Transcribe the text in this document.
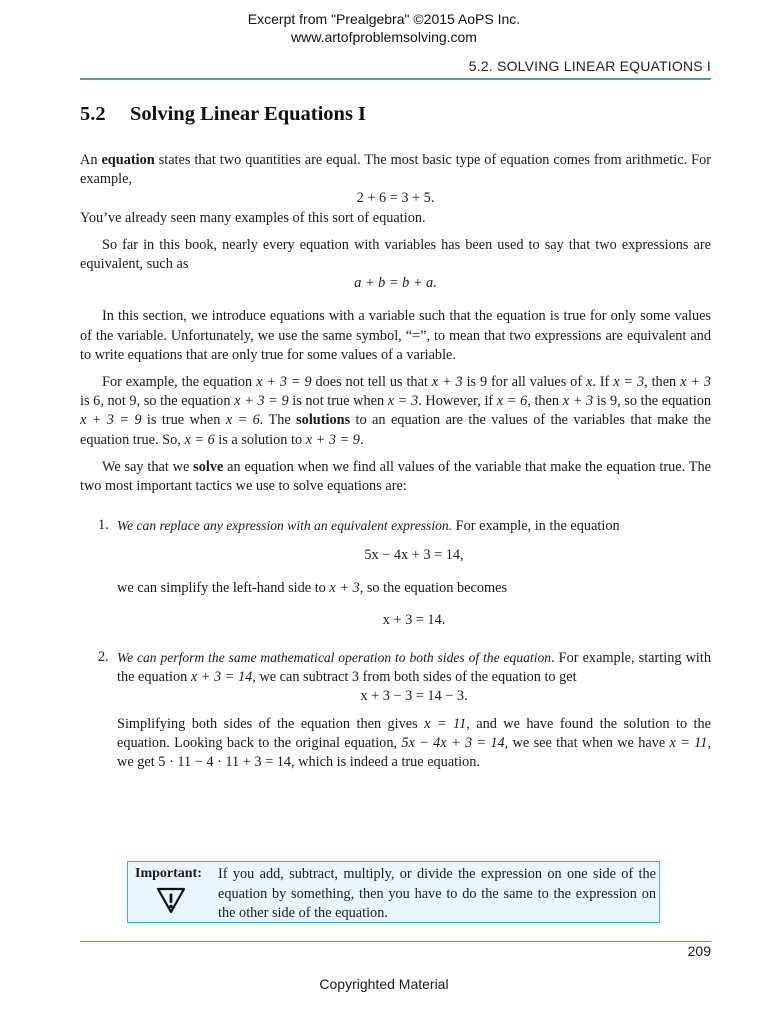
Excerpt from "Prealgebra" ©2015 AoPS Inc.
www.artofproblemsolving.com
5.2. SOLVING LINEAR EQUATIONS I
5.2 Solving Linear Equations I

An equation states that two quantities are equal. The most basic type of equation comes from arithmetic. For example,

2 + 6 = 3 + 5.

You’ve already seen many examples of this sort of equation.

So far in this book, nearly every equation with variables has been used to say that two expressions are equivalent, such as

a + b = b + a.

In this section, we introduce equations with a variable such that the equation is true for only some values of the variable. Unfortunately, we use the same symbol, “=”, to mean that two expressions are equivalent and to write equations that are only true for some values of a variable.

For example, the equation x + 3 = 9 does not tell us that x + 3 is 9 for all values of x. If x = 3, then x + 3 is 6, not 9, so the equation x + 3 = 9 is not true when x = 3. However, if x = 6, then x + 3 is 9, so the equation x + 3 = 9 is true when x = 6. The solutions to an equation are the values of the variables that make the equation true. So, x = 6 is a solution to x + 3 = 9.

We say that we solve an equation when we find all values of the variable that make the equation true. The two most important tactics we use to solve equations are:

1. We can replace any expression with an equivalent expression. For example, in the equation

5x − 4x + 3 = 14,

we can simplify the left-hand side to x + 3, so the equation becomes

x + 3 = 14.
2. We can perform the same mathematical operation to both sides of the equation. For example, starting with the equation x + 3 = 14, we can subtract 3 from both sides of the equation to get

x + 3 − 3 = 14 − 3.

Simplifying both sides of the equation then gives x = 11, and we have found the solution to the equation. Looking back to the original equation, 5x − 4x + 3 = 14, we see that when we have x = 11, we get 5 · 11 − 4 · 11 + 3 = 14, which is indeed a true equation.

Important: If you add, subtract, multiply, or divide the expression on one side of the equation by something, then you have to do the same to the expression on the other side of the equation.
209
Copyrighted Material
